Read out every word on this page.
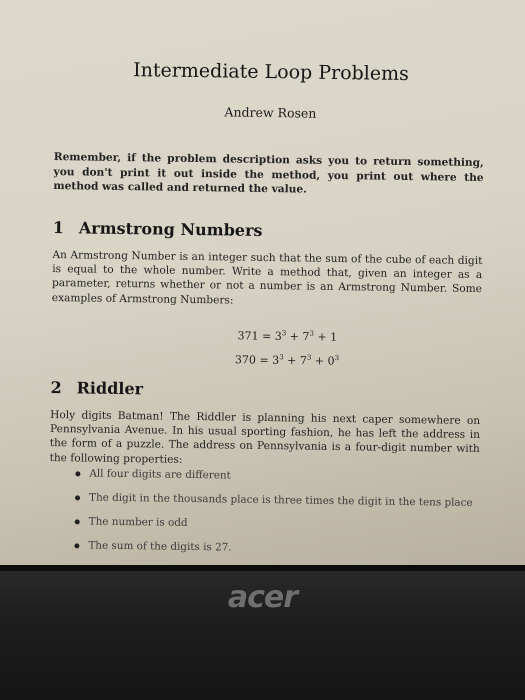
Intermediate Loop Problems
Andrew Rosen
Remember, if the problem description asks you to return something, you don't print it out inside the method, you print out where the method was called and returned the value.
1 Armstrong Numbers
An Armstrong Number is an integer such that the sum of the cube of each digit is equal to the whole number. Write a method that, given an integer as a parameter, returns whether or not a number is an Armstrong Number. Some examples of Armstrong Numbers:
$371 = 3^3 + 7^3 + 1$
$370 = 3^3 + 7^3 + 0^3$
2 Riddler
Holy digits Batman! The Riddler is planning his next caper somewhere on Pennsylvania Avenue. In his usual sporting fashion, he has left the address in the form of a puzzle. The address on Pennsylvania is a four-digit number with the following properties:
All four digits are different
The digit in the thousands place is three times the digit in the tens place
The number is odd
The sum of the digits is 27.
acer
